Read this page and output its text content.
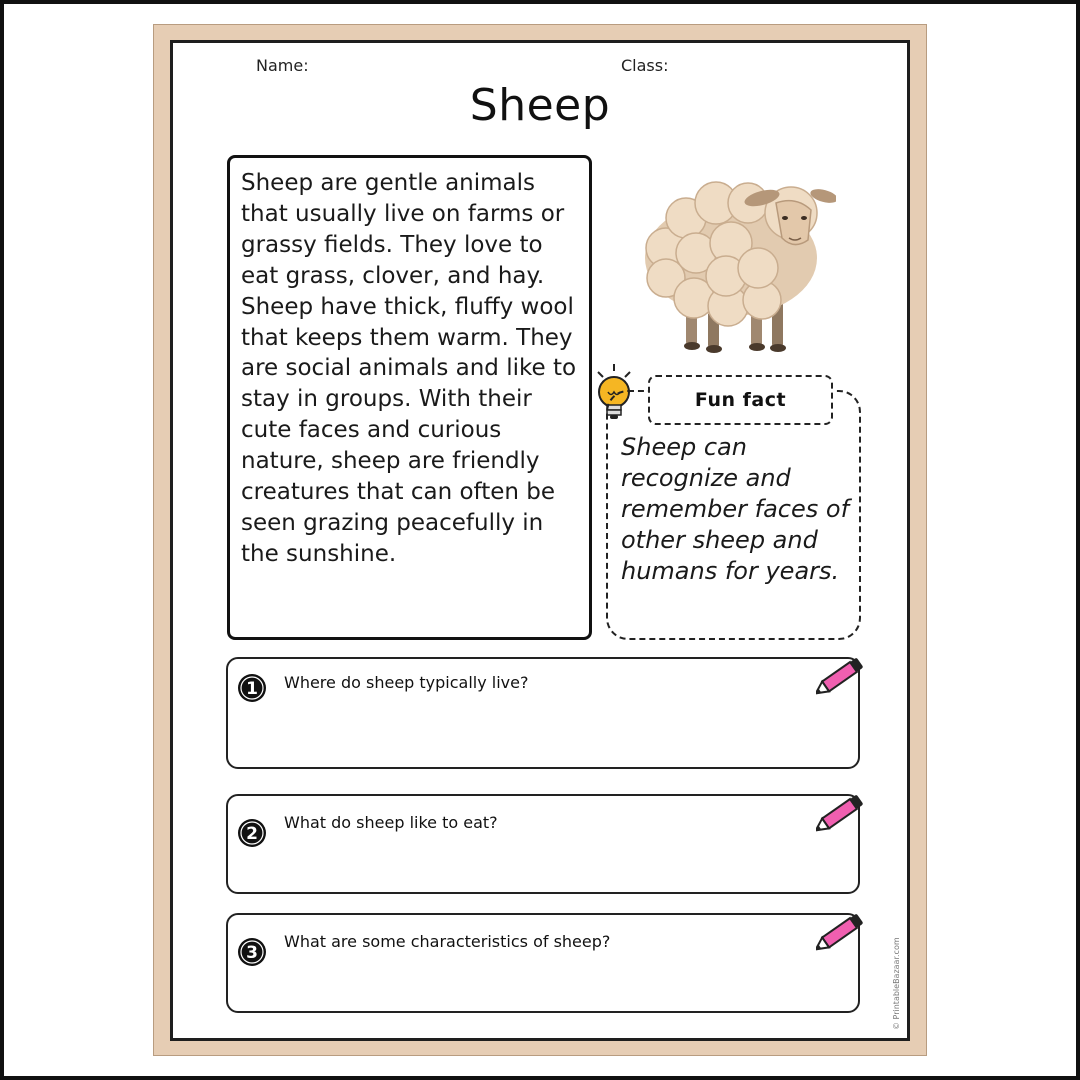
Name:	Class:
Sheep

Sheep are gentle animals that usually live on farms or grassy fields. They love to eat grass, clover, and hay. Sheep have thick, fluffy wool that keeps them warm. They are social animals and like to stay in groups. With their cute faces and curious nature, sheep are friendly creatures that can often be seen grazing peacefully in the sunshine.

Fun fact

Sheep can recognize and remember faces of other sheep and humans for years.

1 Where do sheep typically live?
2
What do sheep like to eat?
3
What are some characteristics of sheep?	© PrintableBazaar.com
